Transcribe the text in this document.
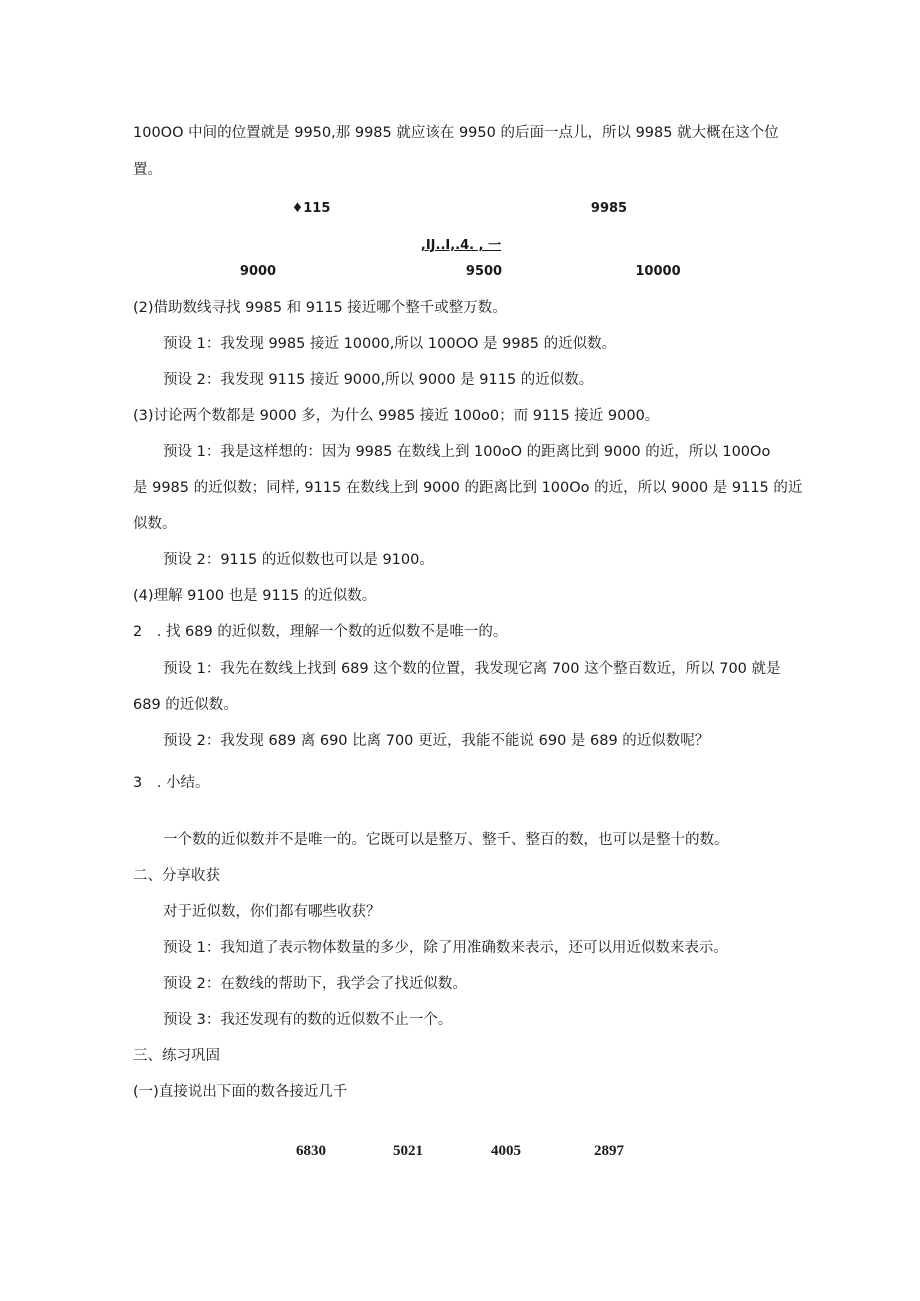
100OO 中间的位置就是 9950,那 9985 就应该在 9950 的后面一点儿，所以 9985 就大概在这个位
置。
♦115	9985
,IJ..I,.4. , 一
9000	9500	10000
(2)借助数线寻找 9985 和 9115 接近哪个整千或整万数。
预设 1：我发现 9985 接近 10000,所以 100OO 是 9985 的近似数。
预设 2：我发现 9115 接近 9000,所以 9000 是 9115 的近似数。
(3)讨论两个数都是 9000 多，为什么 9985 接近 100o0；而 9115 接近 9000。
预设 1：我是这样想的：因为 9985 在数线上到 100oO 的距离比到 9000 的近，所以 100Oo
是 9985 的近似数；同样, 9115 在数线上到 9000 的距离比到 100Oo 的近，所以 9000 是 9115 的近
似数。
预设 2：9115 的近似数也可以是 9100。
(4)理解 9100 也是 9115 的近似数。
2　. 找 689 的近似数，理解一个数的近似数不是唯一的。
预设 1：我先在数线上找到 689 这个数的位置，我发现它离 700 这个整百数近，所以 700 就是
689 的近似数。
预设 2：我发现 689 离 690 比离 700 更近，我能不能说 690 是 689 的近似数呢？
3　. 小结。
一个数的近似数并不是唯一的。它既可以是整万、整千、整百的数，也可以是整十的数。
二、分享收获
对于近似数，你们都有哪些收获？
预设 1：我知道了表示物体数量的多少，除了用准确数来表示，还可以用近似数来表示。
预设 2：在数线的帮助下，我学会了找近似数。
预设 3：我还发现有的数的近似数不止一个。
三、练习巩固
(一)直接说出下面的数各接近几千
6830	5021	4005	2897
